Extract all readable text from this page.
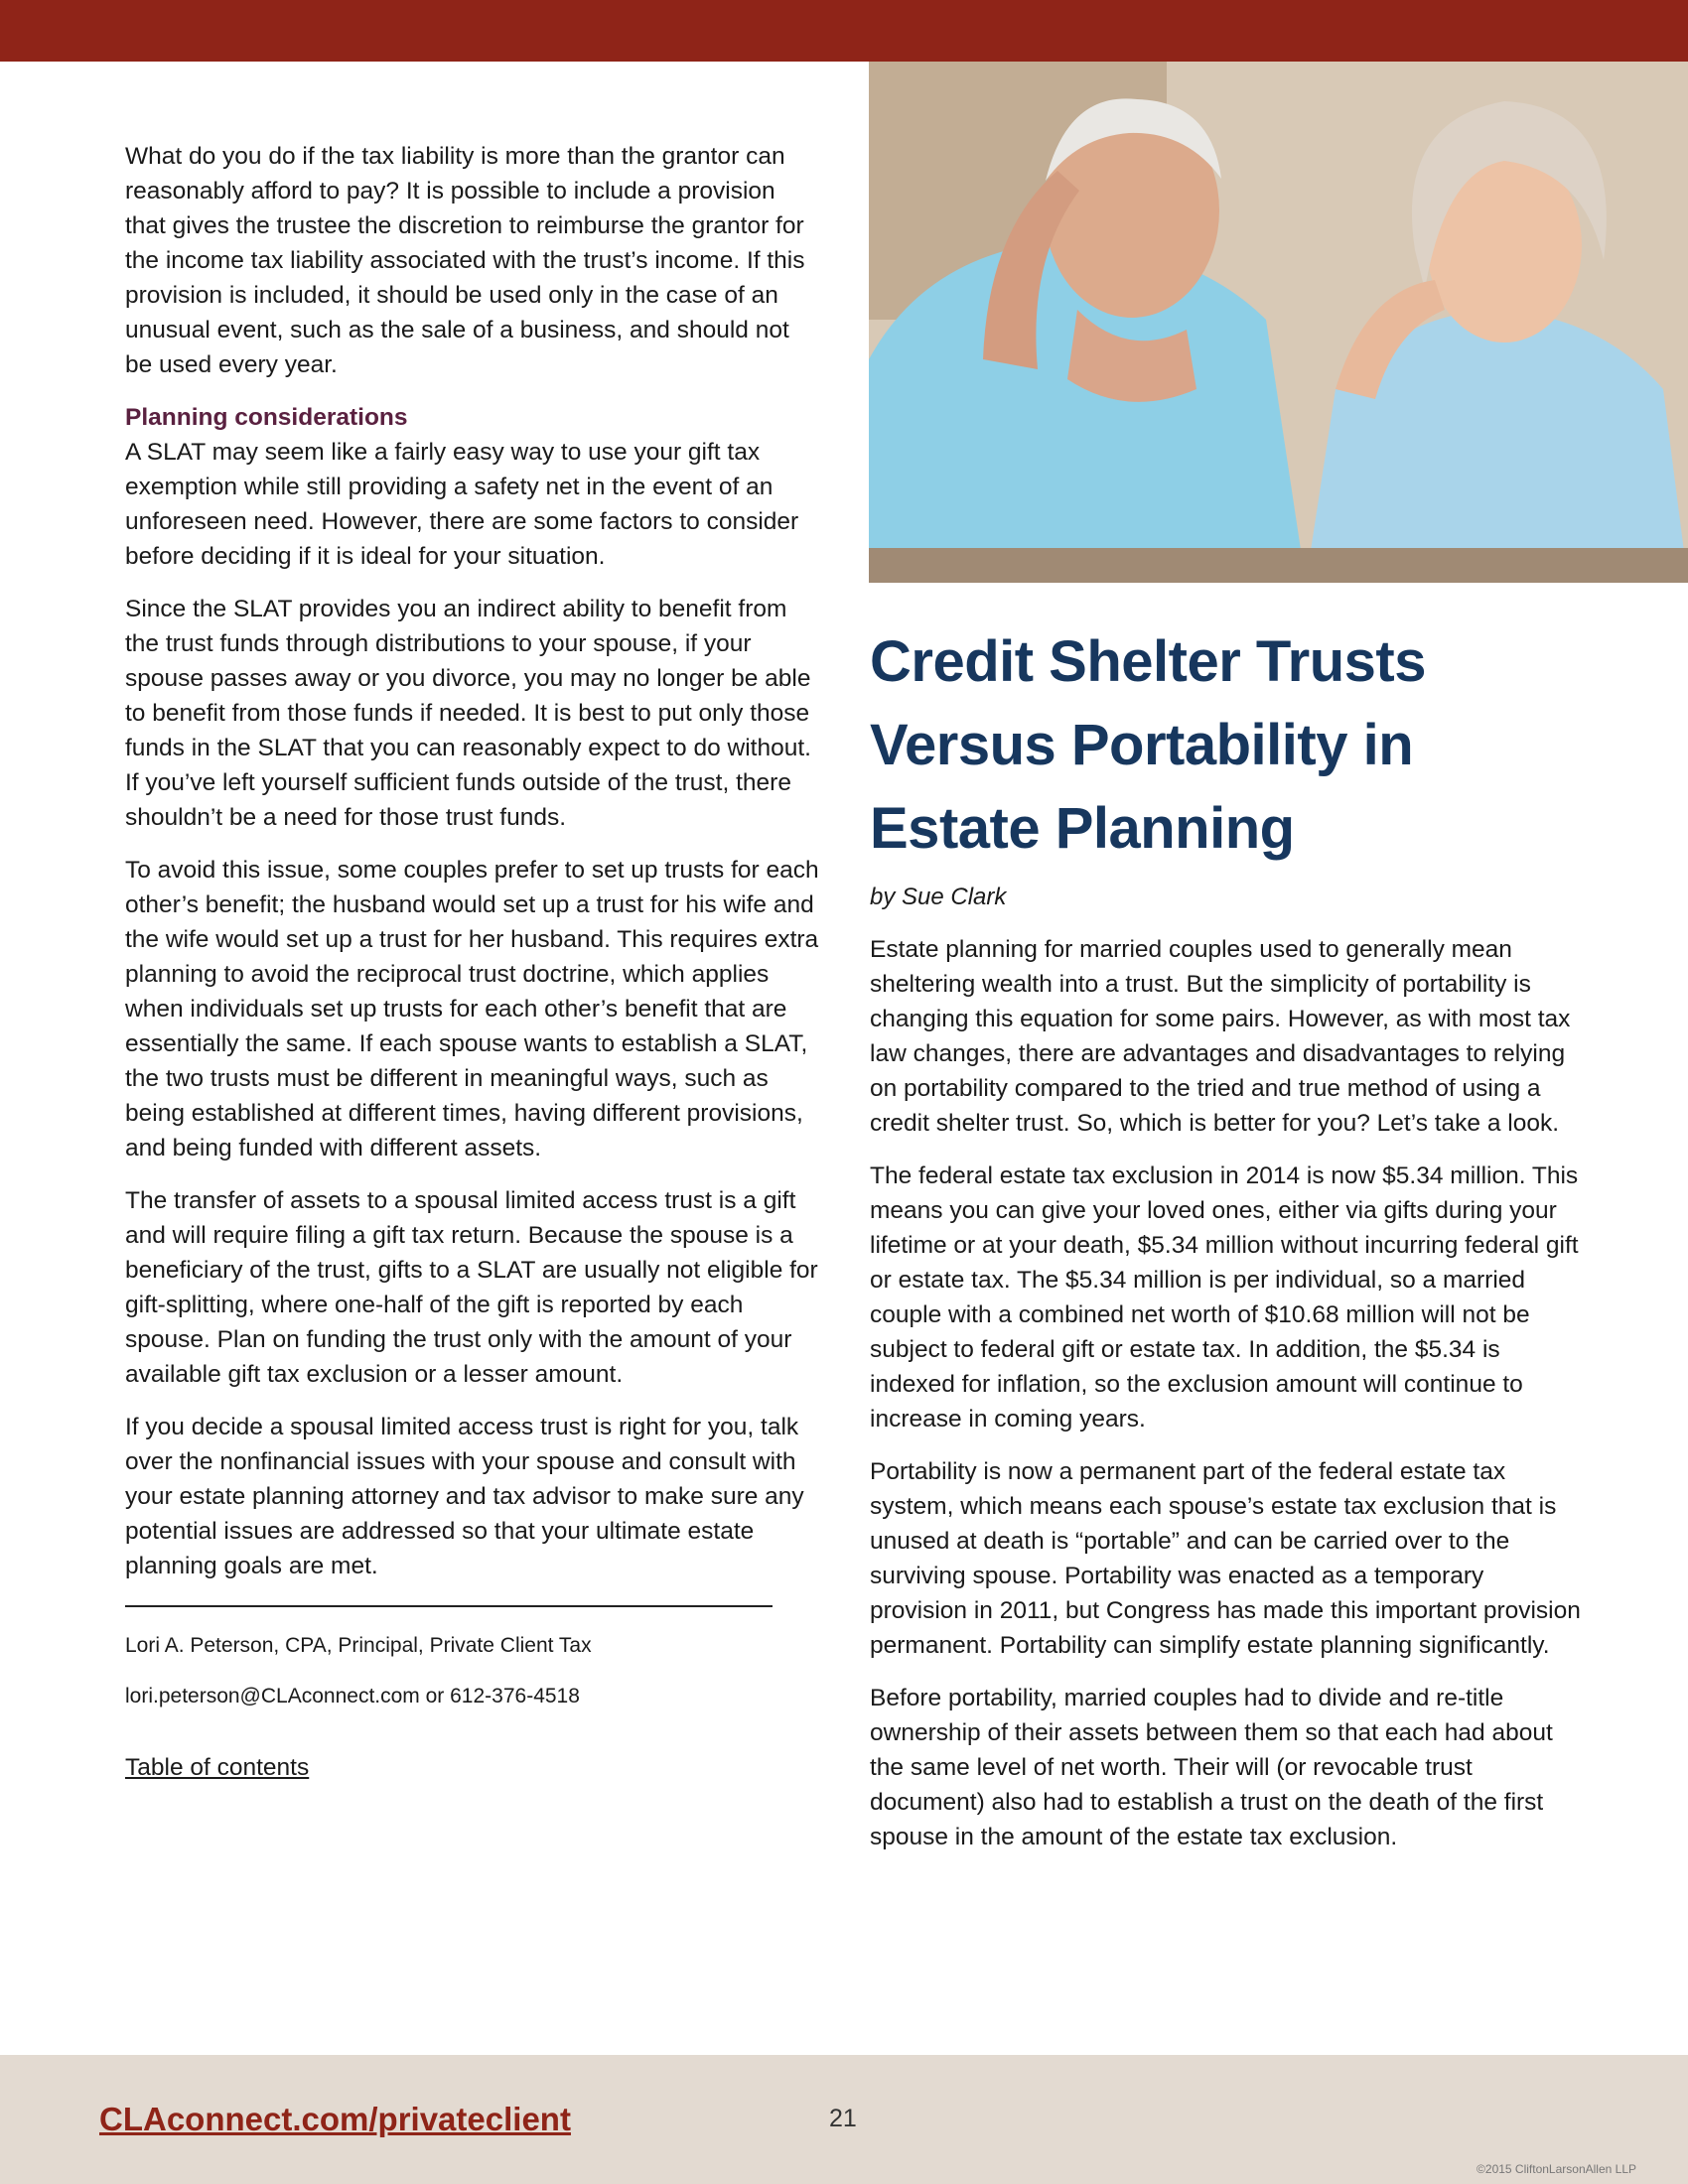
What do you do if the tax liability is more than the grantor can reasonably afford to pay? It is possible to include a provision that gives the trustee the discretion to reimburse the grantor for the income tax liability associated with the trust’s income. If this provision is included, it should be used only in the case of an unusual event, such as the sale of a business, and should not be used every year.

Planning considerations

A SLAT may seem like a fairly easy way to use your gift tax exemption while still providing a safety net in the event of an unforeseen need. However, there are some factors to consider before deciding if it is ideal for your situation.

Since the SLAT provides you an indirect ability to benefit from the trust funds through distributions to your spouse, if your spouse passes away or you divorce, you may no longer be able to benefit from those funds if needed. It is best to put only those funds in the SLAT that you can reasonably expect to do without. If you’ve left yourself sufficient funds outside of the trust, there shouldn’t be a need for those trust funds.

To avoid this issue, some couples prefer to set up trusts for each other’s benefit; the husband would set up a trust for his wife and the wife would set up a trust for her husband. This requires extra planning to avoid the reciprocal trust doctrine, which applies when individuals set up trusts for each other’s benefit that are essentially the same. If each spouse wants to establish a SLAT, the two trusts must be different in meaningful ways, such as being established at different times, having different provisions, and being funded with different assets.

The transfer of assets to a spousal limited access trust is a gift and will require filing a gift tax return. Because the spouse is a beneficiary of the trust, gifts to a SLAT are usually not eligible for gift-splitting, where one-half of the gift is reported by each spouse. Plan on funding the trust only with the amount of your available gift tax exclusion or a lesser amount.

If you decide a spousal limited access trust is right for you, talk over the nonfinancial issues with your spouse and consult with your estate planning attorney and tax advisor to make sure any potential issues are addressed so that your ultimate estate planning goals are met.

Lori A. Peterson, CPA, Principal, Private Client Tax

lori.peterson@CLAconnect.com or 612-376-4518

Table of contents
Credit Shelter Trusts
Versus Portability in
Estate Planning
by Sue Clark

Estate planning for married couples used to generally mean sheltering wealth into a trust. But the simplicity of portability is changing this equation for some pairs. However, as with most tax law changes, there are advantages and disadvantages to relying on portability compared to the tried and true method of using a credit shelter trust. So, which is better for you? Let’s take a look.

The federal estate tax exclusion in 2014 is now $5.34 million. This means you can give your loved ones, either via gifts during your lifetime or at your death, $5.34 million without incurring federal gift or estate tax. The $5.34 million is per individual, so a married couple with a combined net worth of $10.68 million will not be subject to federal gift or estate tax. In addition, the $5.34 is indexed for inflation, so the exclusion amount will continue to increase in coming years.

Portability is now a permanent part of the federal estate tax system, which means each spouse’s estate tax exclusion that is unused at death is “portable” and can be carried over to the surviving spouse. Portability was enacted as a temporary provision in 2011, but Congress has made this important provision permanent. Portability can simplify estate planning significantly.

Before portability, married couples had to divide and re-title ownership of their assets between them so that each had about the same level of net worth. Their will (or revocable trust document) also had to establish a trust on the death of the first spouse in the amount of the estate tax exclusion.

CLAconnect.com/privateclient	21
©2015 CliftonLarsonAllen LLP
